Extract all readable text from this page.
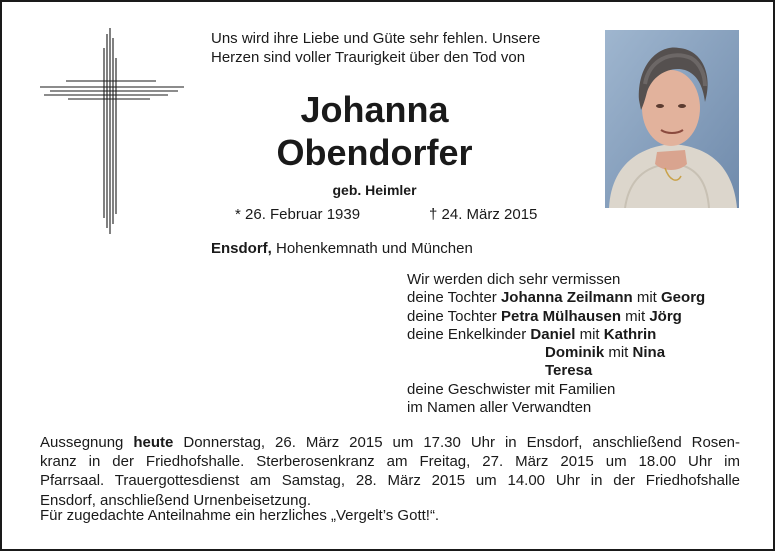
Uns wird ihre Liebe und Güte sehr fehlen. Unsere
Herzen sind voller Traurigkeit über den Tod von
Johanna
Obendorfer
geb. Heimler
* 26. Februar 1939	† 24. März 2015
Ensdorf, Hohenkemnath und München
Wir werden dich sehr vermissen
deine Tochter Johanna Zeilmann mit Georg
deine Tochter Petra Mülhausen mit Jörg
deine Enkelkinder Daniel mit Kathrin
Dominik mit Nina
Teresa
deine Geschwister mit Familien
im Namen aller Verwandten
Aussegnung heute Donnerstag, 26. März 2015 um 17.30 Uhr in Ensdorf, anschließend Rosen-
kranz in der Friedhofshalle. Sterberosenkranz am Freitag, 27. März 2015 um 18.00 Uhr im
Pfarrsaal. Trauergottesdienst am Samstag, 28. März 2015 um 14.00 Uhr in der Friedhofshalle
Ensdorf, anschließend Urnenbeisetzung.
Für zugedachte Anteilnahme ein herzliches „Vergelt’s Gott!“.
